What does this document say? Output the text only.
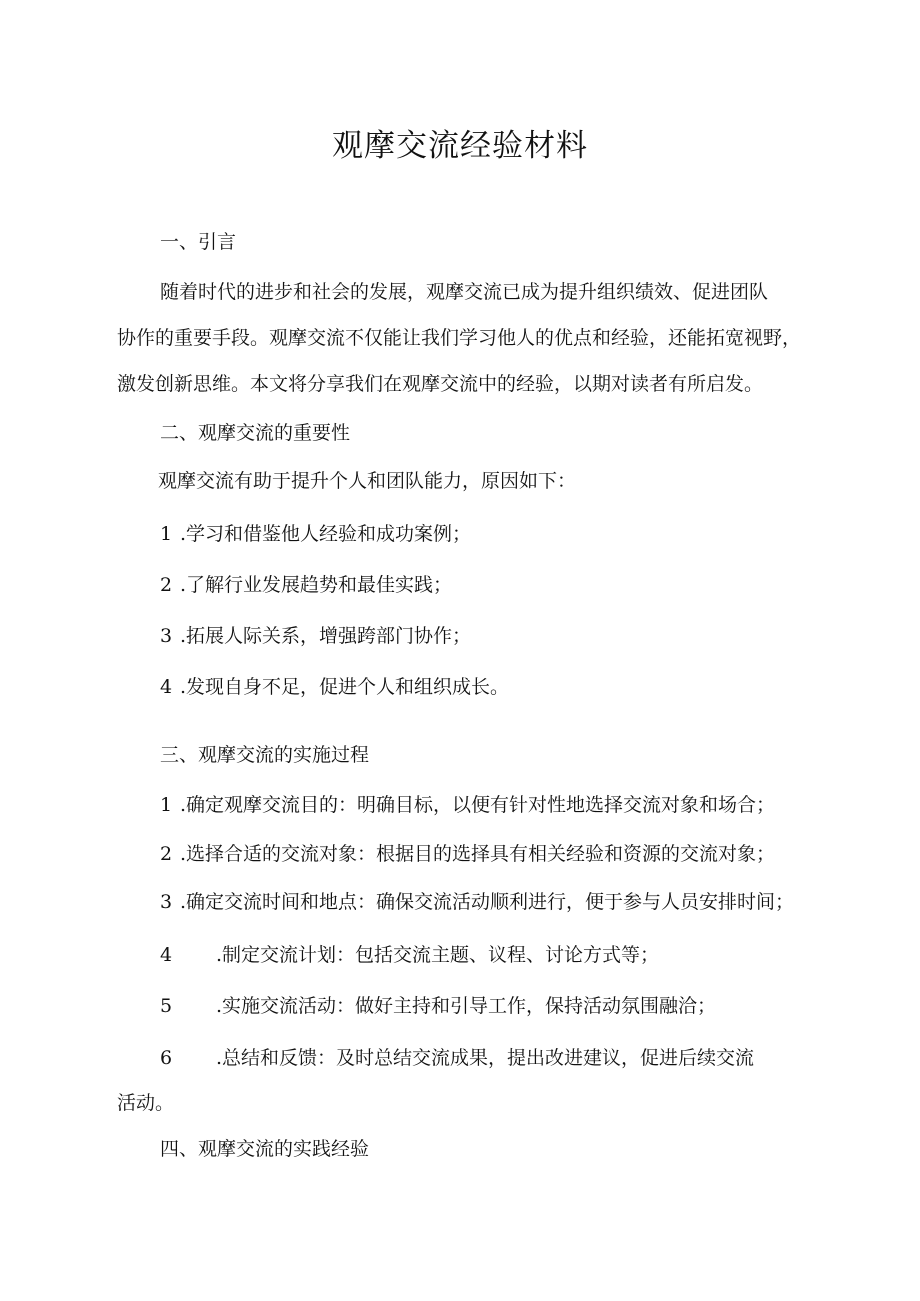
观摩交流经验材料

一、引言

随着时代的进步和社会的发展，观摩交流已成为提升组织绩效、促进团队

协作的重要手段。观摩交流不仅能让我们学习他人的优点和经验，还能拓宽视野，

激发创新思维。本文将分享我们在观摩交流中的经验，以期对读者有所启发。

二、观摩交流的重要性

观摩交流有助于提升个人和团队能力，原因如下：

1 .学习和借鉴他人经验和成功案例；

2 .了解行业发展趋势和最佳实践；

3 .拓展人际关系，增强跨部门协作；

4 .发现自身不足，促进个人和组织成长。

三、观摩交流的实施过程

1 .确定观摩交流目的：明确目标，以便有针对性地选择交流对象和场合；

2 .选择合适的交流对象：根据目的选择具有相关经验和资源的交流对象；

3 .确定交流时间和地点：确保交流活动顺利进行，便于参与人员安排时间；

4 .制定交流计划：包括交流主题、议程、讨论方式等；

5 .实施交流活动：做好主持和引导工作，保持活动氛围融洽；

6 .总结和反馈：及时总结交流成果，提出改进建议，促进后续交流

活动。

四、观摩交流的实践经验
